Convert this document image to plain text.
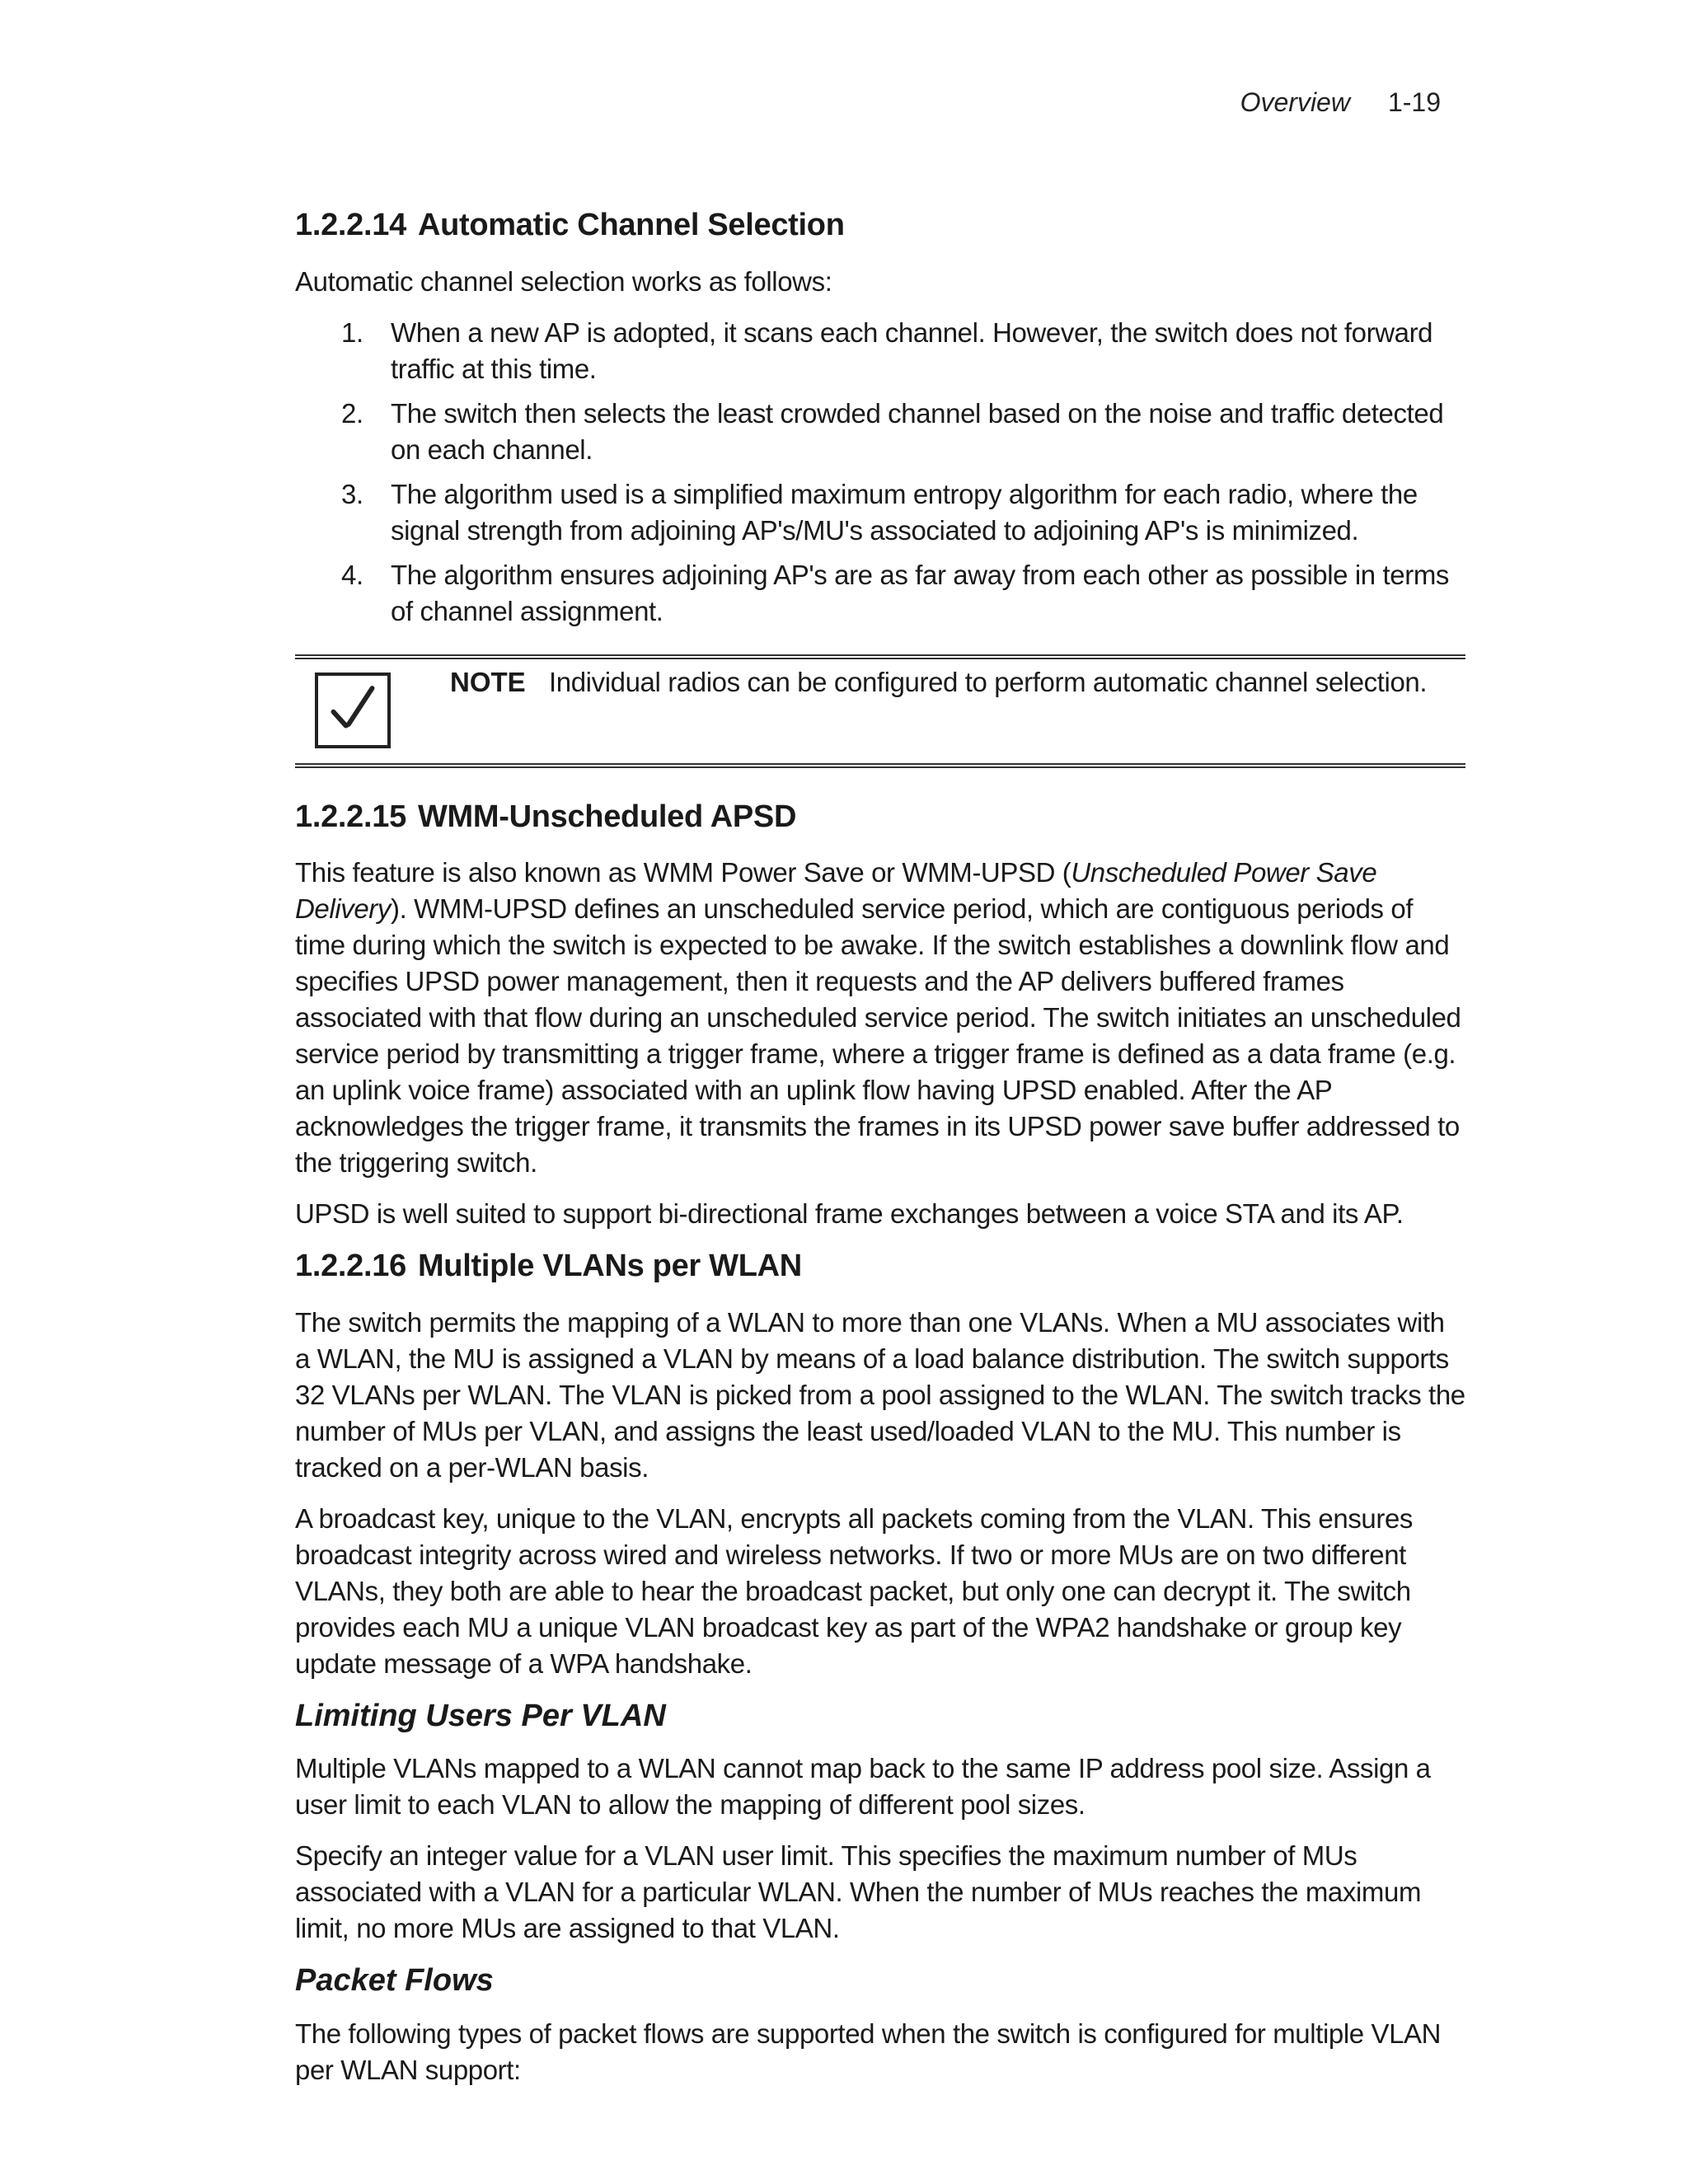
Overview 1-19
1.2.2.14 Automatic Channel Selection

Automatic channel selection works as follows:

1.	When a new AP is adopted, it scans each channel. However, the switch does not forward traffic at this time.
2.	The switch then selects the least crowded channel based on the noise and traffic detected on each channel.
3.	The algorithm used is a simplified maximum entropy algorithm for each radio, where the signal strength from adjoining AP's/MU's associated to adjoining AP's is minimized.
4.	The algorithm ensures adjoining AP's are as far away from each other as possible in terms of channel assignment.
NOTE Individual radios can be configured to perform automatic channel selection.
1.2.2.15 WMM-Unscheduled APSD

This feature is also known as WMM Power Save or WMM-UPSD (Unscheduled Power Save Delivery). WMM-UPSD defines an unscheduled service period, which are contiguous periods of time during which the switch is expected to be awake. If the switch establishes a downlink flow and specifies UPSD power management, then it requests and the AP delivers buffered frames associated with that flow during an unscheduled service period. The switch initiates an unscheduled service period by transmitting a trigger frame, where a trigger frame is defined as a data frame (e.g. an uplink voice frame) associated with an uplink flow having UPSD enabled. After the AP acknowledges the trigger frame, it transmits the frames in its UPSD power save buffer addressed to the triggering switch.

UPSD is well suited to support bi-directional frame exchanges between a voice STA and its AP.

1.2.2.16 Multiple VLANs per WLAN

The switch permits the mapping of a WLAN to more than one VLANs. When a MU associates with a WLAN, the MU is assigned a VLAN by means of a load balance distribution. The switch supports 32 VLANs per WLAN. The VLAN is picked from a pool assigned to the WLAN. The switch tracks the number of MUs per VLAN, and assigns the least used/loaded VLAN to the MU. This number is tracked on a per-WLAN basis.

A broadcast key, unique to the VLAN, encrypts all packets coming from the VLAN. This ensures broadcast integrity across wired and wireless networks. If two or more MUs are on two different VLANs, they both are able to hear the broadcast packet, but only one can decrypt it. The switch provides each MU a unique VLAN broadcast key as part of the WPA2 handshake or group key update message of a WPA handshake.

Limiting Users Per VLAN

Multiple VLANs mapped to a WLAN cannot map back to the same IP address pool size. Assign a user limit to each VLAN to allow the mapping of different pool sizes.

Specify an integer value for a VLAN user limit. This specifies the maximum number of MUs associated with a VLAN for a particular WLAN. When the number of MUs reaches the maximum limit, no more MUs are assigned to that VLAN.

Packet Flows

The following types of packet flows are supported when the switch is configured for multiple VLAN per WLAN support:
